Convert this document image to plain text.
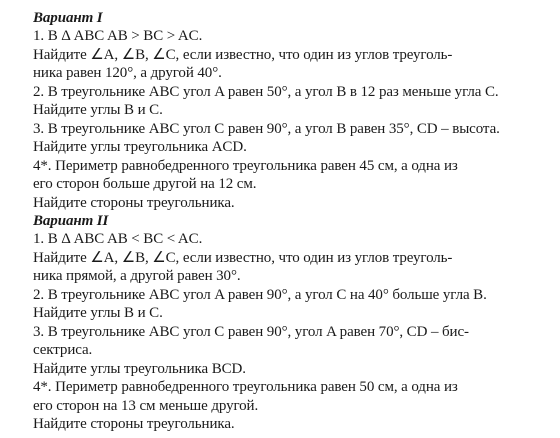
Вариант I
1. В Δ ABC AB > BC > AC.
Найдите ∠A, ∠B, ∠C, если известно, что один из углов треуголь-
ника равен 120°, а другой 40°.
2. В треугольнике ABC угол A равен 50°, а угол B в 12 раз меньше угла C.
Найдите углы B и C.
3. В треугольнике ABC угол C равен 90°, а угол B равен 35°, CD – высота.
Найдите углы треугольника ACD.
4*. Периметр равнобедренного треугольника равен 45 см, а одна из
его сторон больше другой на 12 см.
Найдите стороны треугольника.
Вариант II
1. В Δ ABC AB < BC < AC.
Найдите ∠A, ∠B, ∠C, если известно, что один из углов треуголь-
ника прямой, а другой равен 30°.
2. В треугольнике ABC угол A равен 90°, а угол C на 40° больше угла B.
Найдите углы B и C.
3. В треугольнике ABC угол C равен 90°, угол A равен 70°, CD – бис-
сектриса.
Найдите углы треугольника BCD.
4*. Периметр равнобедренного треугольника равен 50 см, а одна из
его сторон на 13 см меньше другой.
Найдите стороны треугольника.
